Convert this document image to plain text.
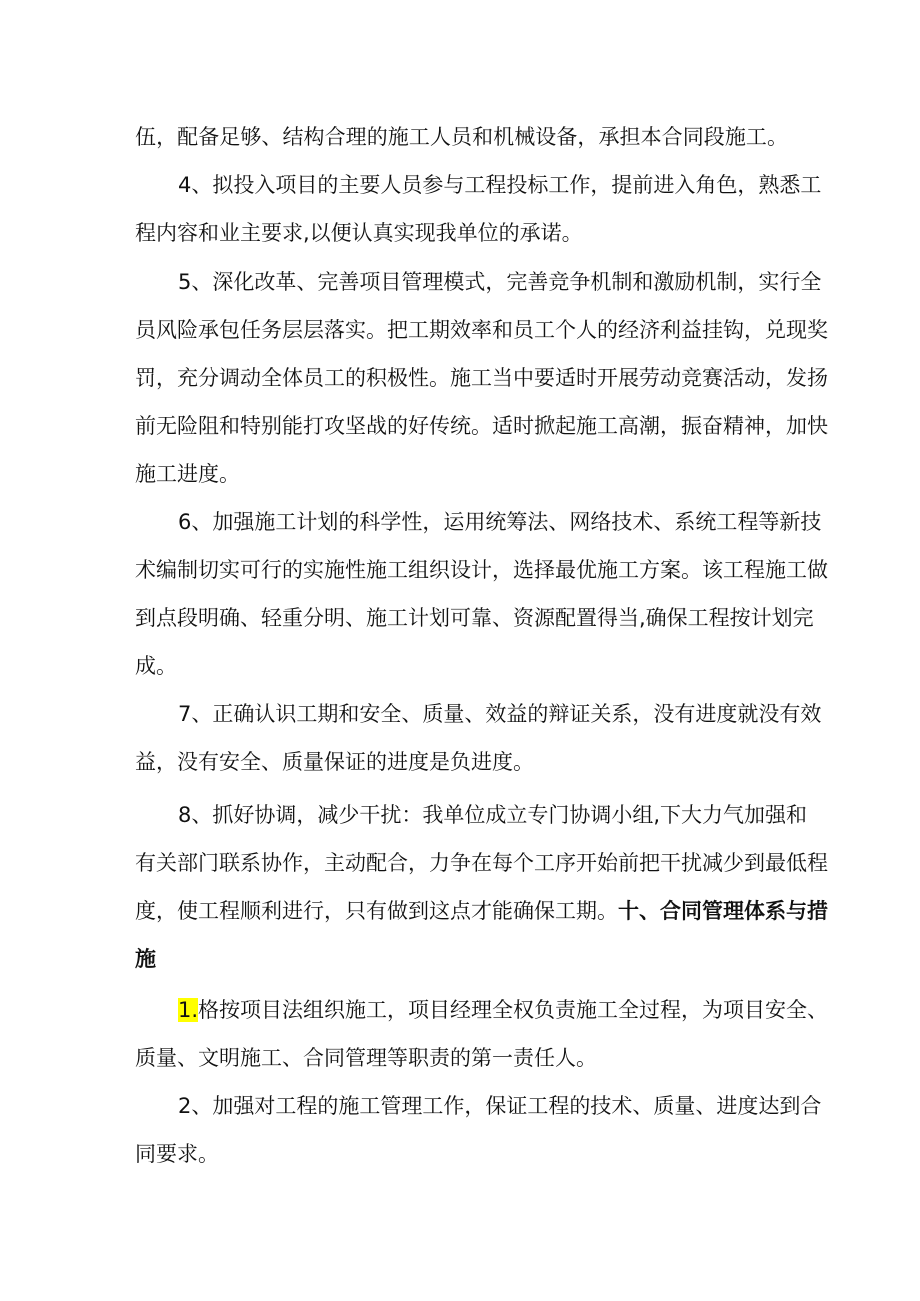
伍，配备足够、结构合理的施工人员和机械设备，承担本合同段施工。
4、拟投入项目的主要人员参与工程投标工作，提前进入角色，熟悉工
程内容和业主要求,以便认真实现我单位的承诺。
5、深化改革、完善项目管理模式，完善竞争机制和激励机制，实行全
员风险承包任务层层落实。把工期效率和员工个人的经济利益挂钩，兑现奖
罚，充分调动全体员工的积极性。施工当中要适时开展劳动竞赛活动，发扬
前无险阻和特别能打攻坚战的好传统。适时掀起施工高潮，振奋精神，加快
施工进度。
6、加强施工计划的科学性，运用统筹法、网络技术、系统工程等新技
术编制切实可行的实施性施工组织设计，选择最优施工方案。该工程施工做
到点段明确、轻重分明、施工计划可靠、资源配置得当,确保工程按计划完
成。
7、正确认识工期和安全、质量、效益的辩证关系，没有进度就没有效
益，没有安全、质量保证的进度是负进度。
8、抓好协调，减少干扰：我单位成立专门协调小组,下大力气加强和
有关部门联系协作，主动配合，力争在每个工序开始前把干扰减少到最低程
度，使工程顺利进行，只有做到这点才能确保工期。十、合同管理体系与措
施
1.格按项目法组织施工，项目经理全权负责施工全过程，为项目安全、
质量、文明施工、合同管理等职责的第一责任人。
2、加强对工程的施工管理工作，保证工程的技术、质量、进度达到合
同要求。
